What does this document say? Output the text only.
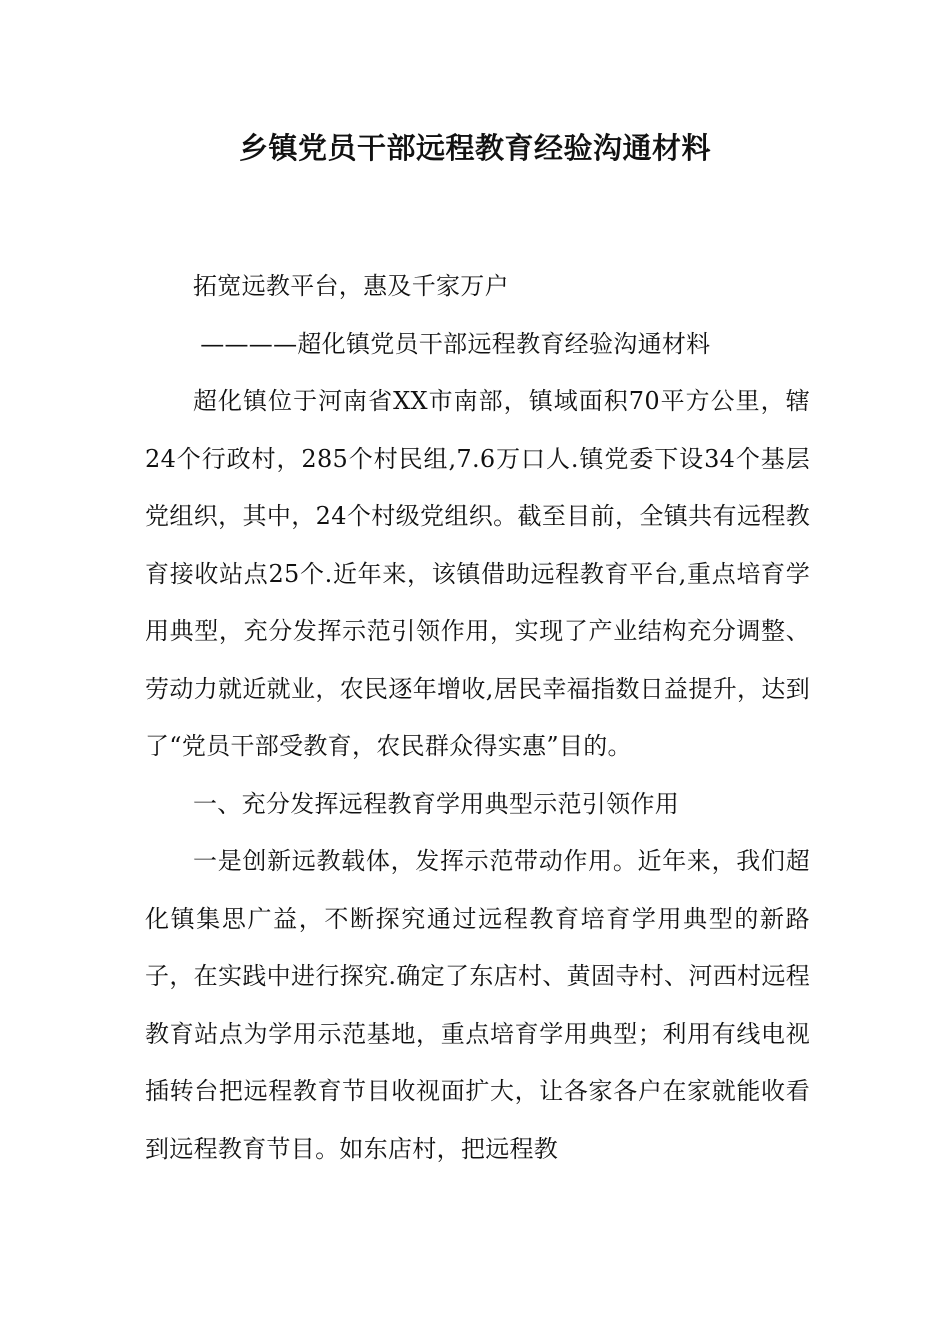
乡镇党员干部远程教育经验沟通材料

拓宽远教平台，惠及千家万户

————超化镇党员干部远程教育经验沟通材料

超化镇位于河南省XX市南部，镇域面积70平方公里，辖24个行政村，285个村民组,7.6万口人.镇党委下设34个基层党组织，其中，24个村级党组织。截至目前，全镇共有远程教育接收站点25个.近年来，该镇借助远程教育平台,重点培育学用典型，充分发挥示范引领作用，实现了产业结构充分调整、劳动力就近就业，农民逐年增收,居民幸福指数日益提升，达到了“党员干部受教育，农民群众得实惠”目的。

一、充分发挥远程教育学用典型示范引领作用

一是创新远教载体，发挥示范带动作用。近年来，我们超化镇集思广益，不断探究通过远程教育培育学用典型的新路子，在实践中进行探究.确定了东店村、黄固寺村、河西村远程教育站点为学用示范基地，重点培育学用典型；利用有线电视插转台把远程教育节目收视面扩大，让各家各户在家就能收看到远程教育节目。如东店村，把远程教
